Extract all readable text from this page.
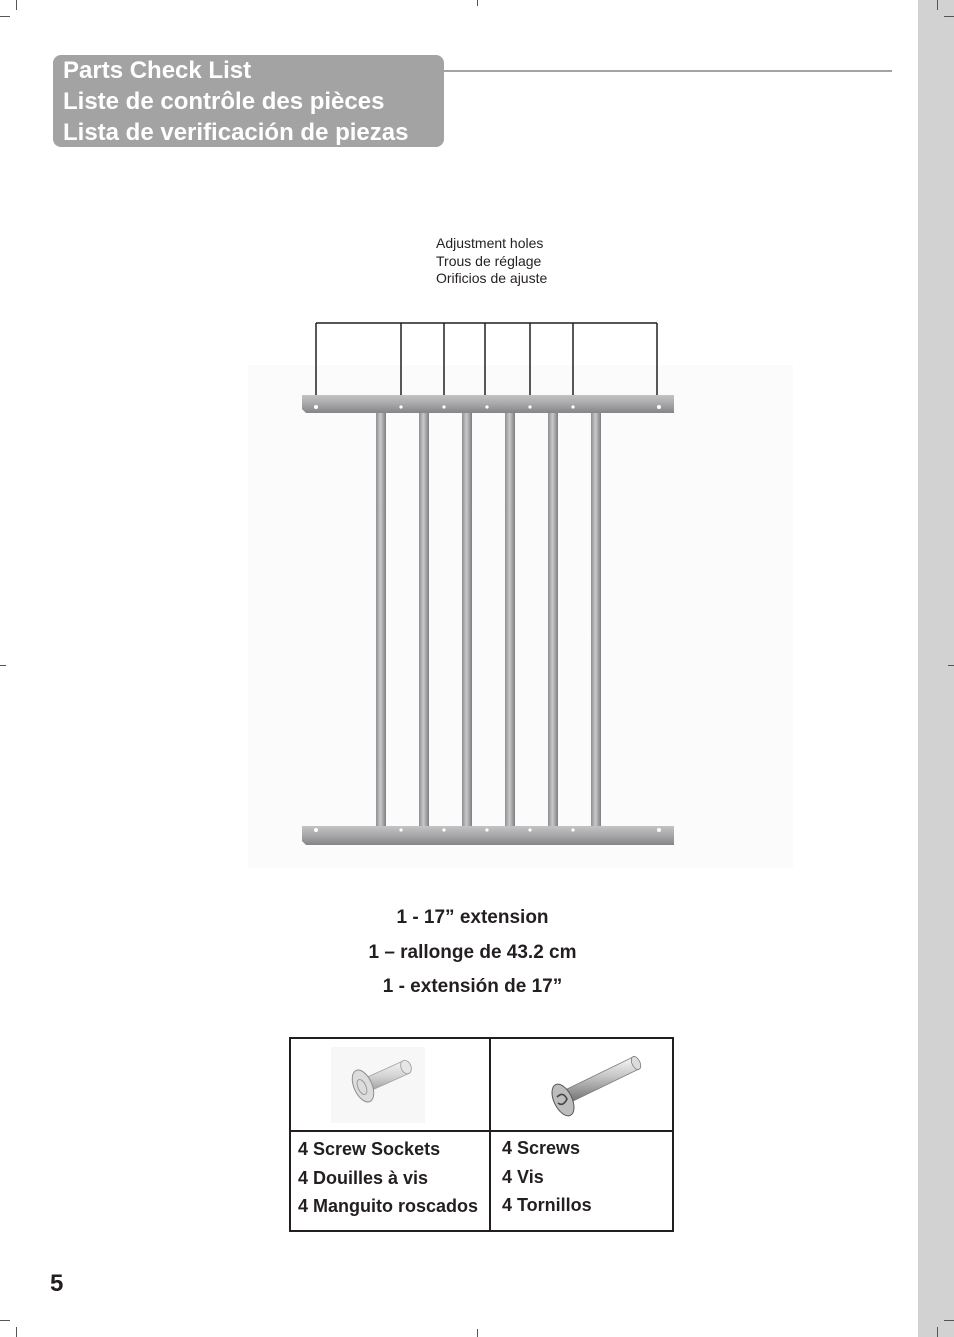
Parts Check List
Liste de contrôle des pièces
Lista de verificación de piezas
Adjustment holes
Trous de réglage
Orificios de ajuste
1 - 17” extension
1 – rallonge de 43.2 cm
1 - extensión de 17”
4 Screw Sockets
4 Douilles à vis
4 Manguito roscados
4 Screws
4 Vis
4 Tornillos
5
